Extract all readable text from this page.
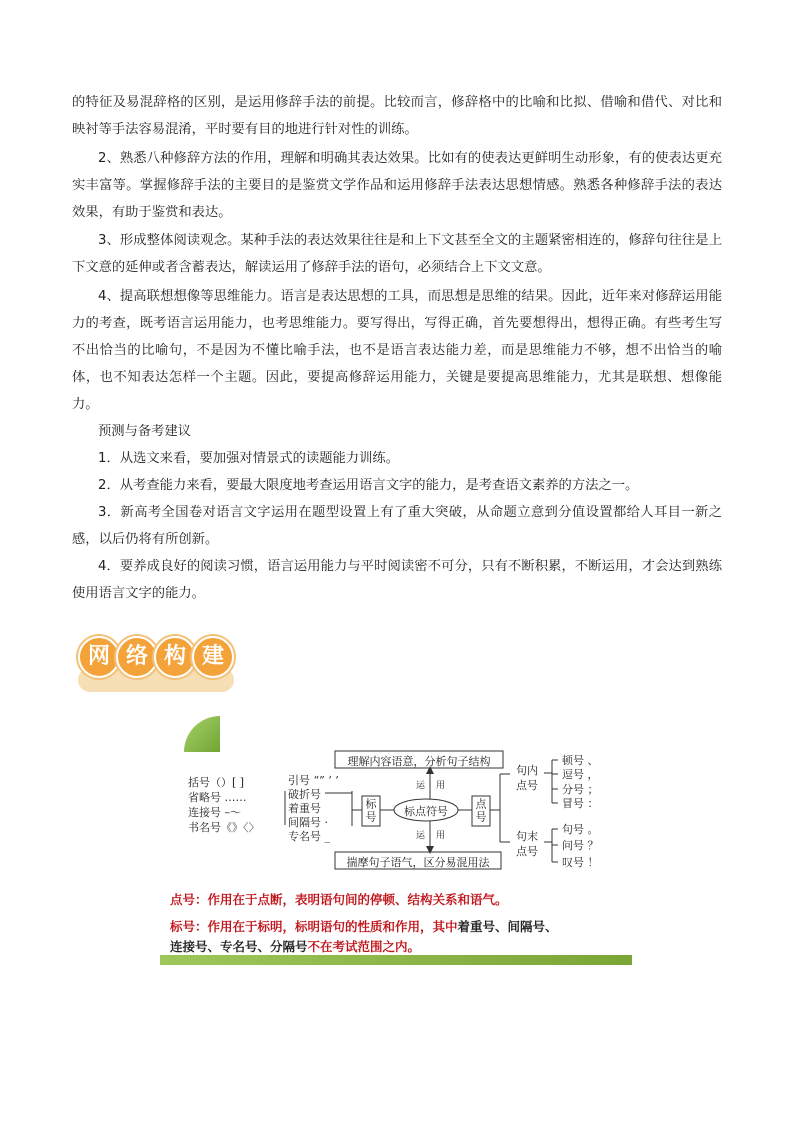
的特征及易混辞格的区别，是运用修辞手法的前提。比较而言，修辞格中的比喻和比拟、借喻和借代、对比和映衬等手法容易混淆，平时要有目的地进行针对性的训练。

2、熟悉八种修辞方法的作用，理解和明确其表达效果。比如有的使表达更鲜明生动形象，有的使表达更充实丰富等。掌握修辞手法的主要目的是鉴赏文学作品和运用修辞手法表达思想情感。熟悉各种修辞手法的表达效果，有助于鉴赏和表达。

3、形成整体阅读观念。某种手法的表达效果往往是和上下文甚至全文的主题紧密相连的，修辞句往往是上下文意的延伸或者含蓄表达，解读运用了修辞手法的语句，必须结合上下文文意。

4、提高联想想像等思维能力。语言是表达思想的工具，而思想是思维的结果。因此，近年来对修辞运用能力的考查，既考语言运用能力，也考思维能力。要写得出，写得正确，首先要想得出，想得正确。有些考生写不出恰当的比喻句，不是因为不懂比喻手法，也不是语言表达能力差，而是思维能力不够，想不出恰当的喻体，也不知表达怎样一个主题。因此，要提高修辞运用能力，关键是要提高思维能力，尤其是联想、想像能力。

预测与备考建议

1．从选文来看，要加强对情景式的读题能力训练。

2．从考查能力来看，要最大限度地考查运用语言文字的能力，是考查语文素养的方法之一。

3．新高考全国卷对语言文字运用在题型设置上有了重大突破，从命题立意到分值设置都给人耳目一新之感，以后仍将有所创新。

4．要养成良好的阅读习惯，语言运用能力与平时阅读密不可分，只有不断积累，不断运用，才会达到熟练使用语言文字的能力。

网 络 构 建
括号（）[ ]
省略号 ……
连接号 –～
书名号《》〈〉
引号 “” ‘ ’
破折号
着重号
间隔号 ·
专名号 _
理解内容语意，分析句子结构
揣摩句子语气，区分易混用法
标号	点号
标点符号
运 用
运 用
句内
点号
顿号 、
逗号 ，
分号 ；
冒号 ：
句末
点号
句号 。
问号 ？
叹号 ！
点号：作用在于点断，表明语句间的停顿、结构关系和语气。
标号：作用在于标明，标明语句的性质和作用，其中着重号、间隔号、
连接号、专名号、分隔号不在考试范围之内。
